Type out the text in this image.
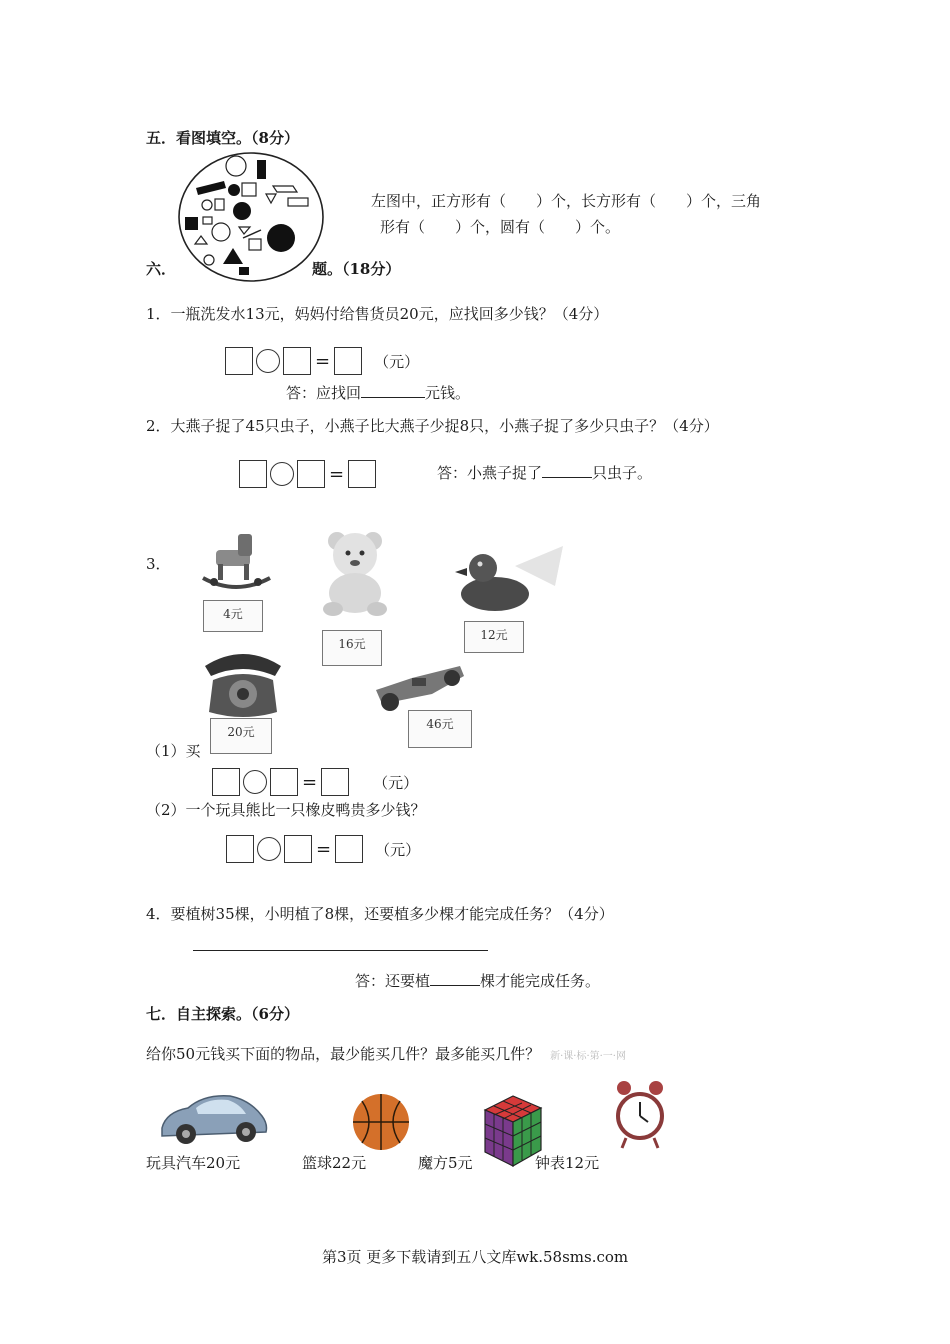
五．看图填空。（8分）
左图中，正方形有（　　）个，长方形有（　　）个，三角
形有（　　）个，圆有（　　）个。
六．	题。（18分）
1．一瓶洗发水13元，妈妈付给售货员20元，应找回多少钱？（4分）
=	（元）
答：应找回	元钱。
2．大燕子捉了45只虫子，小燕子比大燕子少捉8只，小燕子捉了多少只虫子？（4分）
=	答：小燕子捉了	只虫子。
3．
4元
16元
12元
20元
46元
（1）买
=	（元）
（2）一个玩具熊比一只橡皮鸭贵多少钱？
=	（元）
4．要植树35棵，小明植了8棵，还要植多少棵才能完成任务？（4分）
答：还要植	棵才能完成任务。
七．自主探索。（6分）
给你50元钱买下面的物品，最少能买几件？最多能买几件？ 新·课·标·第·一·网
玩具汽车20元	篮球22元	魔方5元	钟表12元
第3页 更多下载请到五八文库wk.58sms.com
